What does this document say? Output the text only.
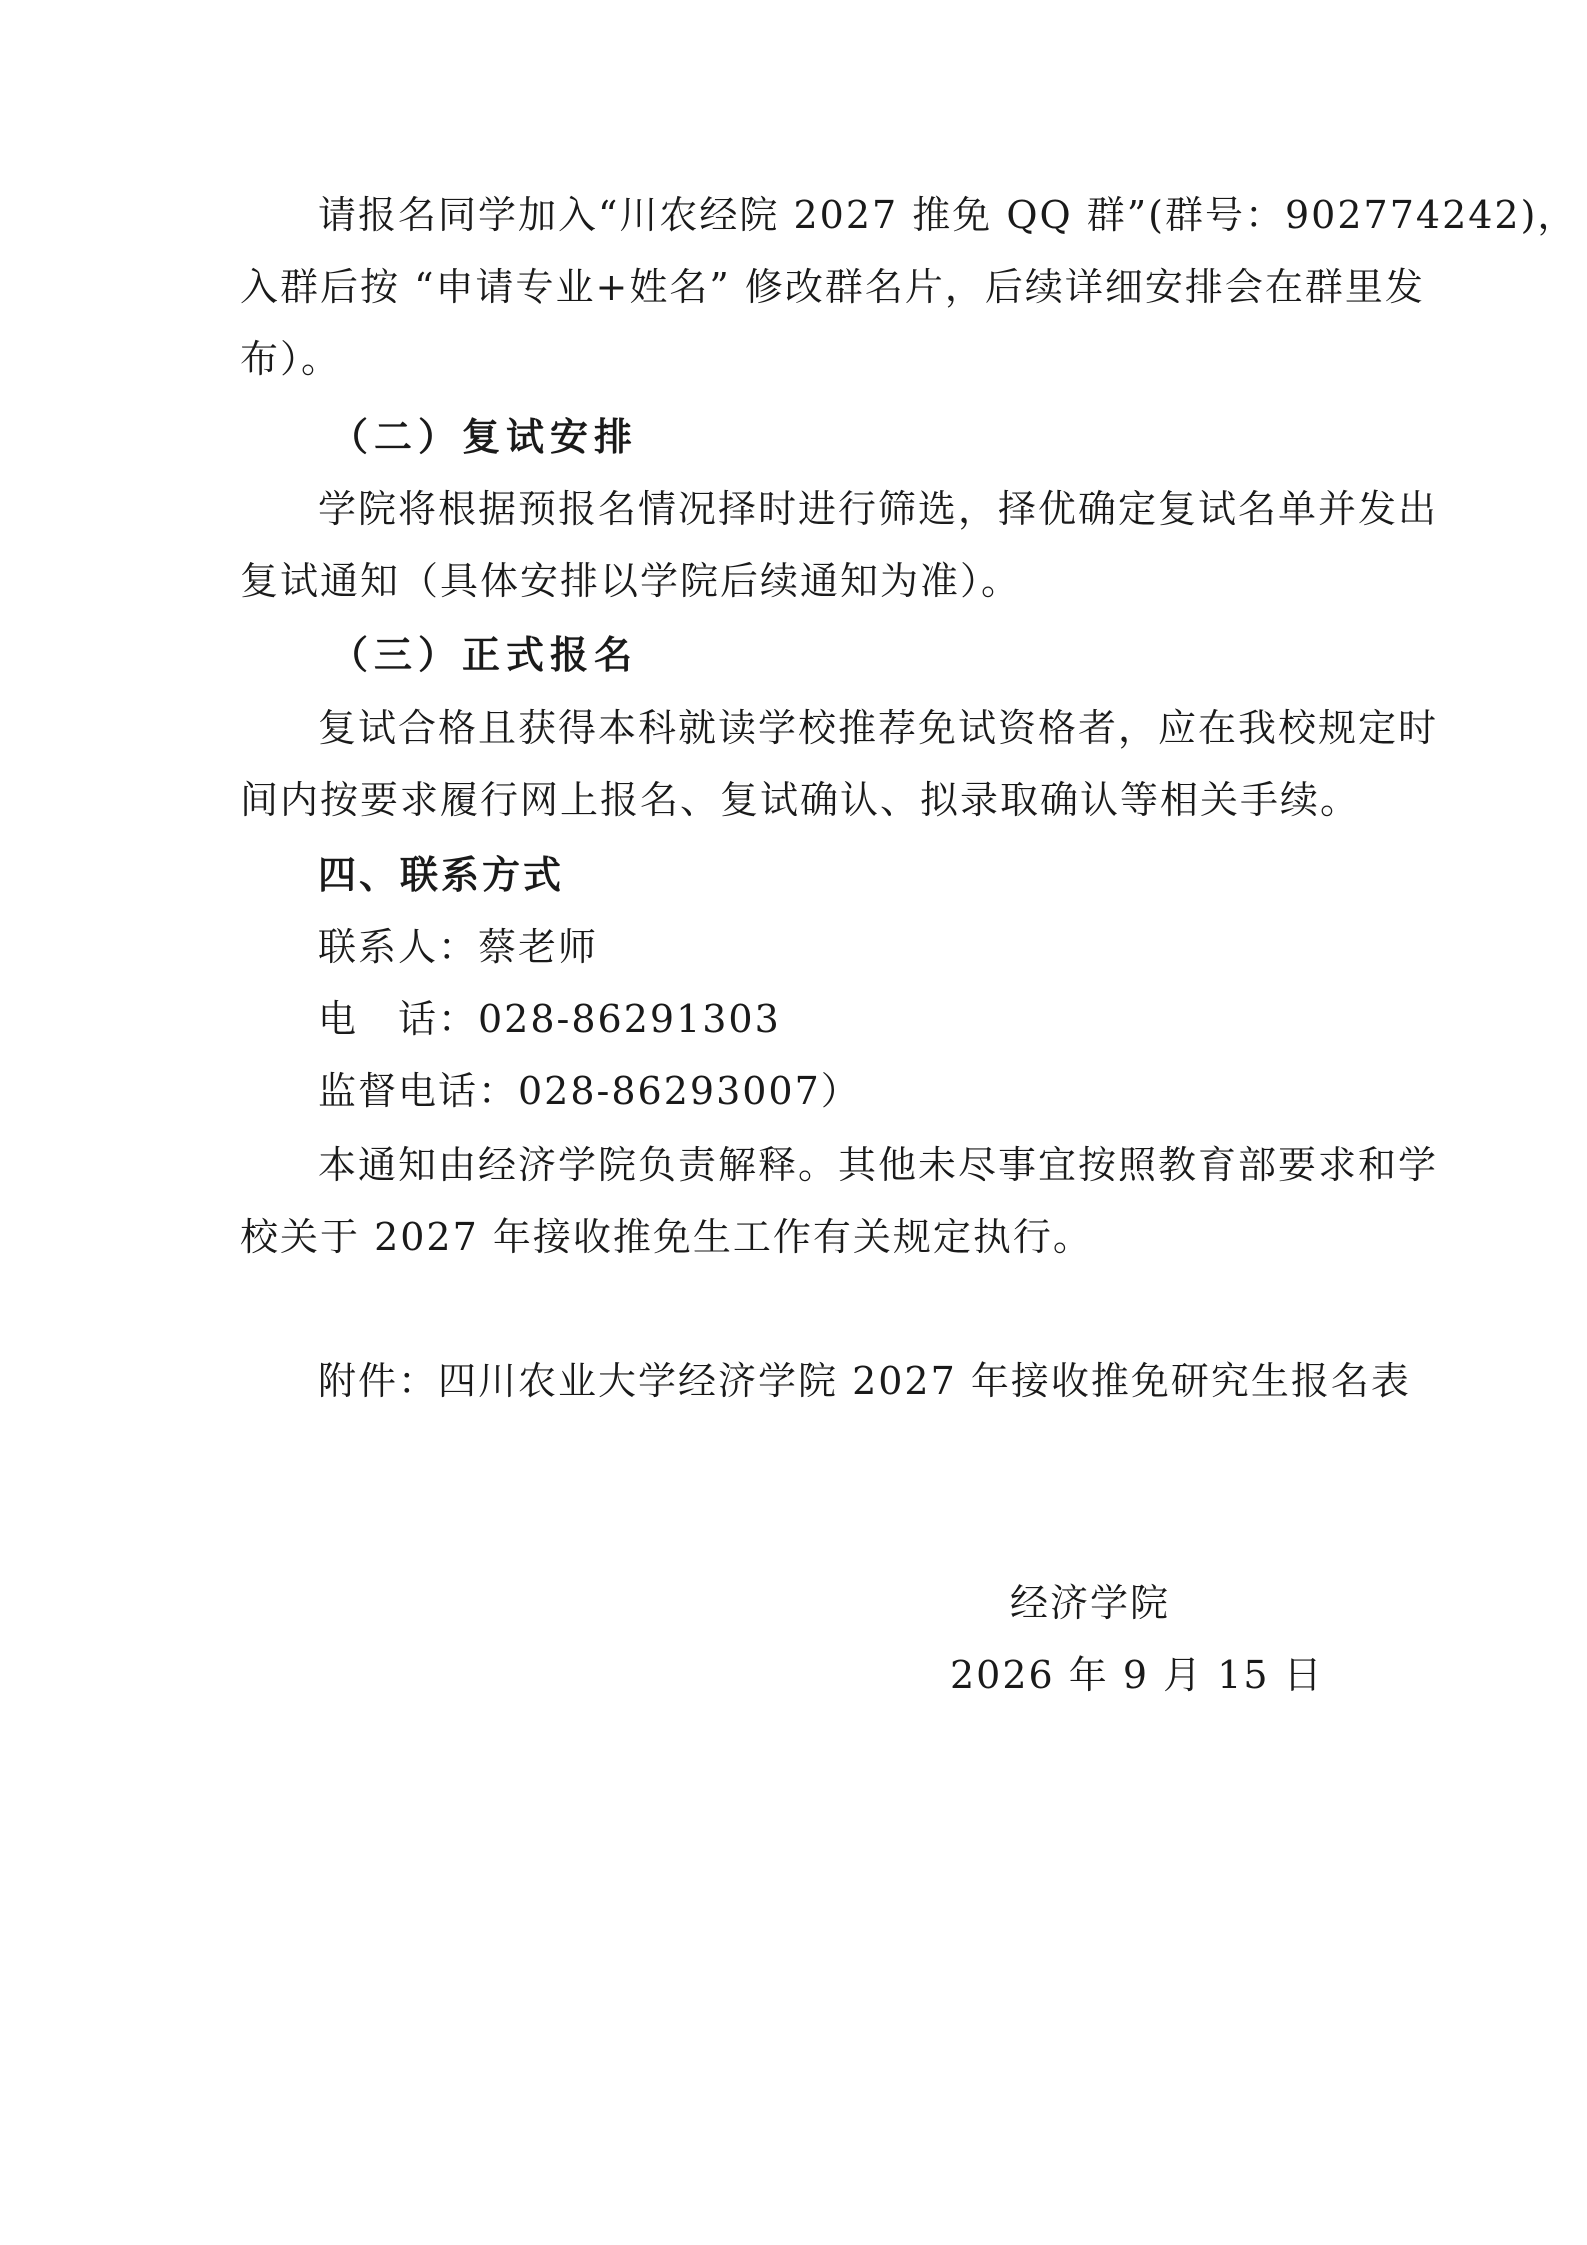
请报名同学加入“川农经院 2027 推免 QQ 群”(群号：902774242)，
入群后按 “申请专业+姓名” 修改群名片，后续详细安排会在群里发
布）。
（二）复试安排
学院将根据预报名情况择时进行筛选，择优确定复试名单并发出
复试通知（具体安排以学院后续通知为准）。
（三）正式报名
复试合格且获得本科就读学校推荐免试资格者，应在我校规定时
间内按要求履行网上报名、复试确认、拟录取确认等相关手续。
四、联系方式
联系人：蔡老师
电　话：028-86291303
监督电话：028-86293007）
本通知由经济学院负责解释。其他未尽事宜按照教育部要求和学
校关于 2027 年接收推免生工作有关规定执行。
附件：四川农业大学经济学院 2027 年接收推免研究生报名表
经济学院
2026 年 9 月 15 日
